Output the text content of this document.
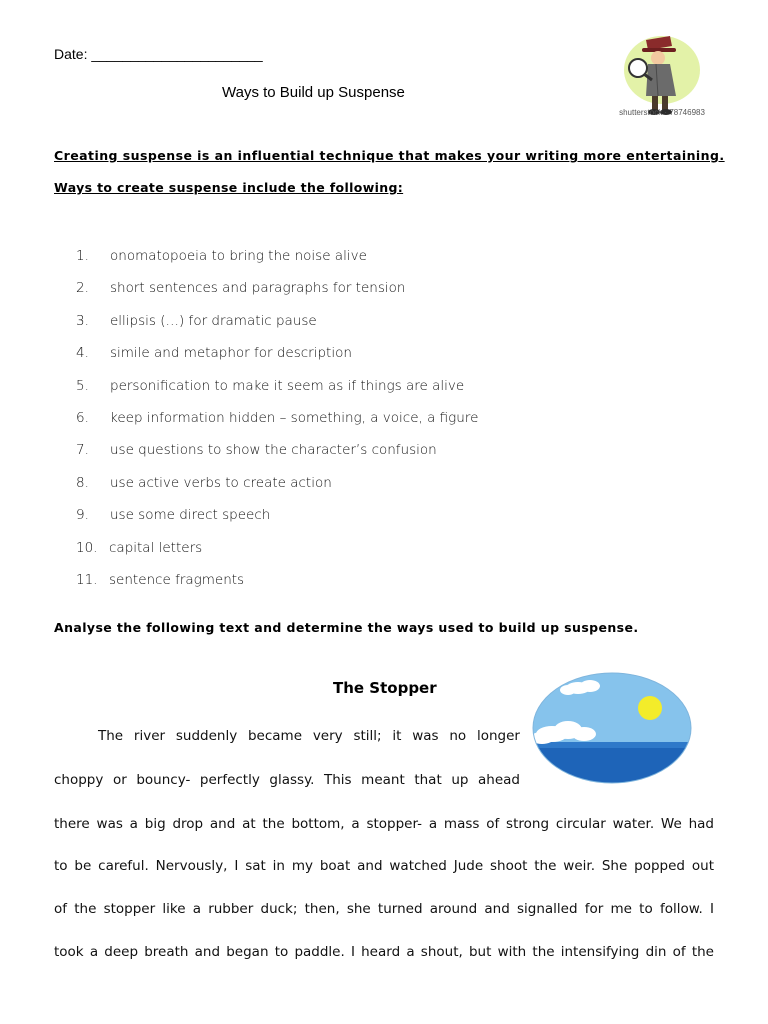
Date: ______________________
Ways to Build up Suspense
shutterstock · 78746983
Creating suspense is an influential technique that makes your writing more entertaining.
Ways to create suspense include the following:
1.	onomatopoeia to bring the noise alive
2.	short sentences and paragraphs for tension
3.	ellipsis (…) for dramatic pause
4.	simile and metaphor for description
5.	personification to make it seem as if things are alive
6.	keep information hidden – something, a voice, a figure
7.	use questions to show the character’s confusion
8.	use active verbs to create action
9.	use some direct speech
10. capital letters
11. sentence fragments
Analyse the following text and determine the ways used to build up suspense.
The Stopper
The river suddenly became very still; it was no longer
choppy or bouncy- perfectly glassy. This meant that up ahead
there was a big drop and at the bottom, a stopper- a mass of strong circular water. We had
to be careful. Nervously, I sat in my boat and watched Jude shoot the weir. She popped out
of the stopper like a rubber duck; then, she turned around and signalled for me to follow. I
took a deep breath and began to paddle. I heard a shout, but with the intensifying din of the
